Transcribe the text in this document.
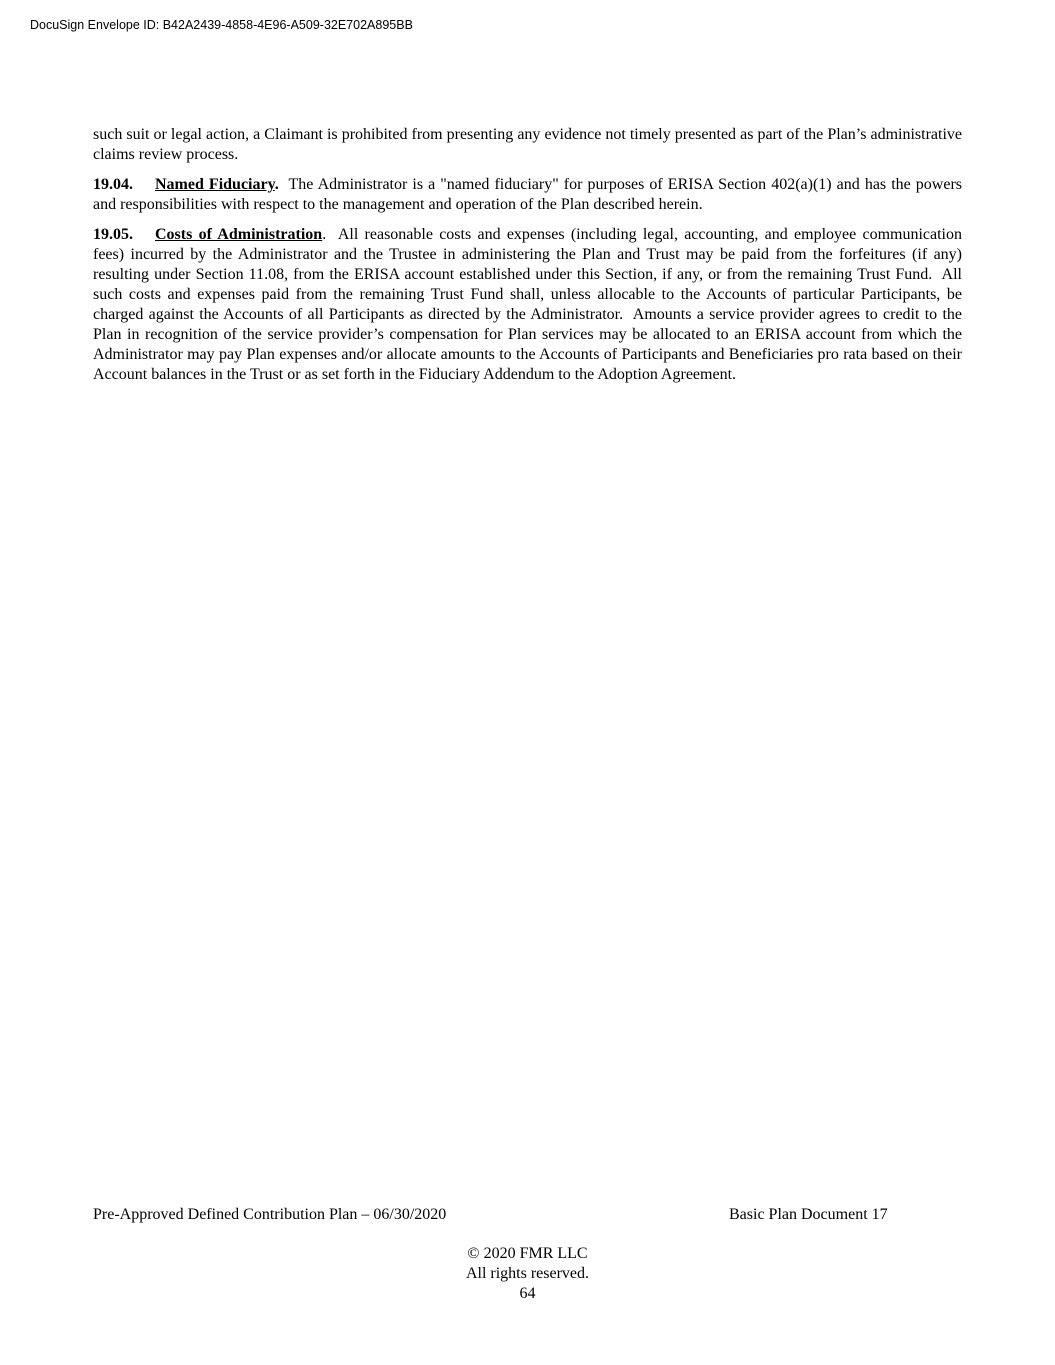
DocuSign Envelope ID: B42A2439-4858-4E96-A509-32E702A895BB

such suit or legal action, a Claimant is prohibited from presenting any evidence not timely presented as part of the Plan’s administrative claims review process.

19.04. Named Fiduciary. The Administrator is a "named fiduciary" for purposes of ERISA Section 402(a)(1) and has the powers and responsibilities with respect to the management and operation of the Plan described herein.

19.05. Costs of Administration. All reasonable costs and expenses (including legal, accounting, and employee communication fees) incurred by the Administrator and the Trustee in administering the Plan and Trust may be paid from the forfeitures (if any) resulting under Section 11.08, from the ERISA account established under this Section, if any, or from the remaining Trust Fund.  All such costs and expenses paid from the remaining Trust Fund shall, unless allocable to the Accounts of particular Participants, be charged against the Accounts of all Participants as directed by the Administrator.  Amounts a service provider agrees to credit to the Plan in recognition of the service provider’s compensation for Plan services may be allocated to an ERISA account from which the Administrator may pay Plan expenses and/or allocate amounts to the Accounts of Participants and Beneficiaries pro rata based on their Account balances in the Trust or as set forth in the Fiduciary Addendum to the Adoption Agreement.

Pre-Approved Defined Contribution Plan – 06/30/2020	Basic Plan Document 17
© 2020 FMR LLC
All rights reserved.
64
